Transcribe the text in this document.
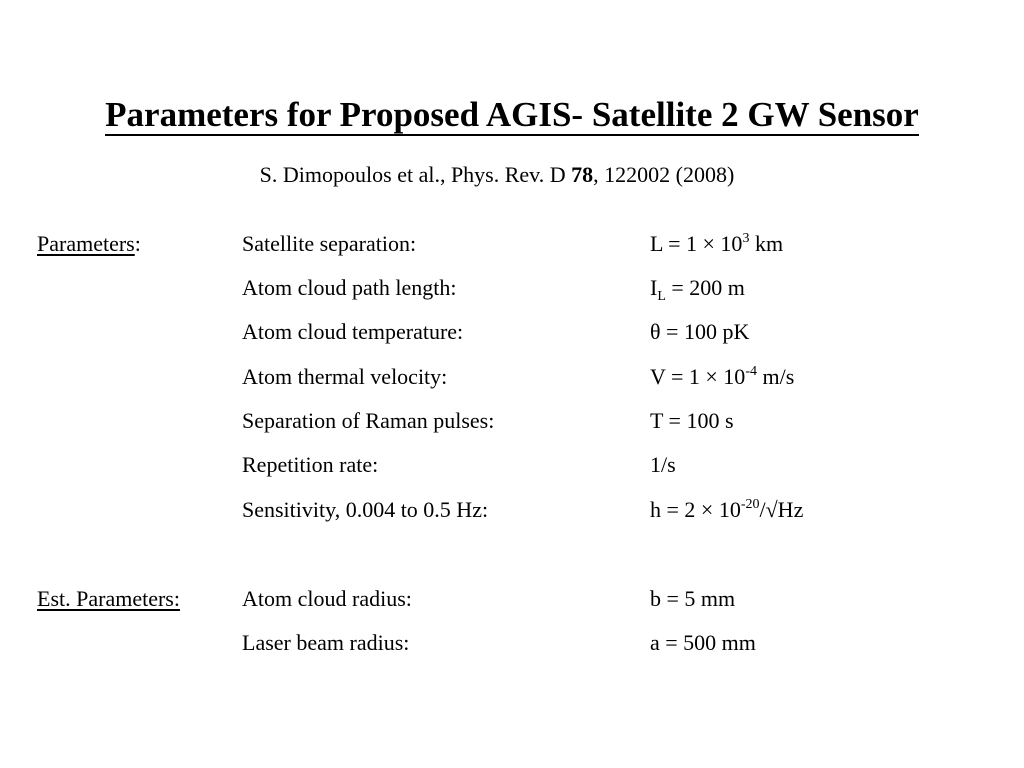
Parameters for Proposed AGIS- Satellite 2 GW Sensor
S. Dimopoulos et al., Phys. Rev. D 78, 122002 (2008)
Parameters:	Satellite separation:	$L = 1 \times 10^3$ km
Atom cloud path length:	$I_L = 200$ m
Atom cloud temperature:	θ = 100 pK
Atom thermal velocity:	$V = 1 \times 10^{-4}$ m/s
Separation of Raman pulses:	T = 100 s
Repetition rate:	1/s
Sensitivity, 0.004 to 0.5 Hz:	$h = 2 \times 10^{-20}/√Hz$
Est. Parameters:	Atom cloud radius:	b = 5 mm
Laser beam radius:	a = 500 mm
